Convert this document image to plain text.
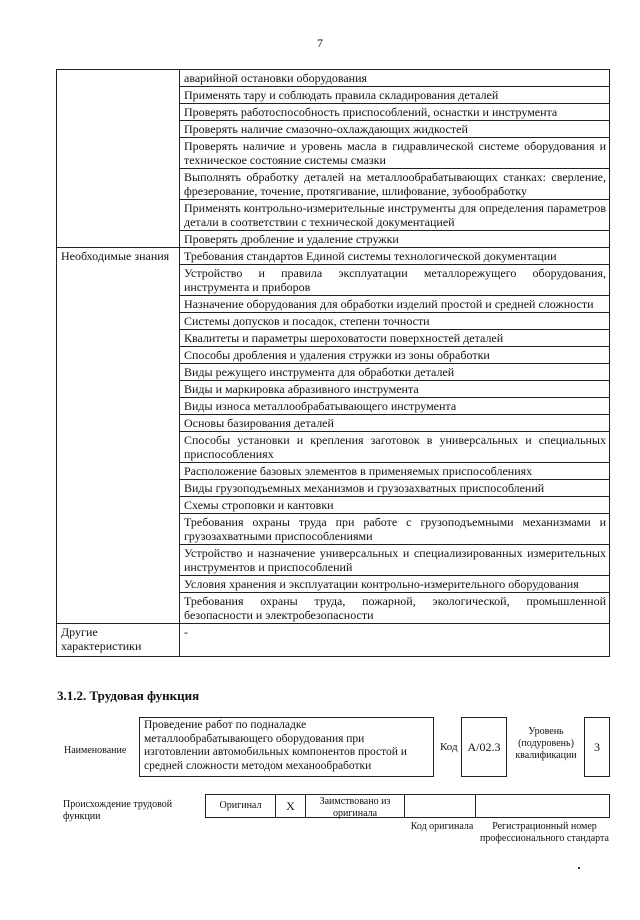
7
	аварийной остановки оборудования
	Применять тару и соблюдать правила складирования деталей
	Проверять работоспособность приспособлений, оснастки и инструмента
	Проверять наличие смазочно-охлаждающих жидкостей
	Проверять наличие и уровень масла в гидравлической системе оборудования и техническое состояние системы смазки
	Выполнять обработку деталей на металлообрабатывающих станках: сверление, фрезерование, точение, протягивание, шлифование, зубообработку
	Применять контрольно-измерительные инструменты для определения параметров детали в соответствии с технической документацией
	Проверять дробление и удаление стружки
Необходимые знания	Требования стандартов Единой системы технологической документации
	Устройство и правила эксплуатации металлорежущего оборудования, инструмента и приборов
	Назначение оборудования для обработки изделий простой и средней сложности
	Системы допусков и посадок, степени точности
	Квалитеты и параметры шероховатости поверхностей деталей
	Способы дробления и удаления стружки из зоны обработки
	Виды режущего инструмента для обработки деталей
	Виды и маркировка абразивного инструмента
	Виды износа металлообрабатывающего инструмента
	Основы базирования деталей
	Способы установки и крепления заготовок в универсальных и специальных приспособлениях
	Расположение базовых элементов в применяемых приспособлениях
	Виды грузоподъемных механизмов и грузозахватных приспособлений
	Схемы строповки и кантовки
	Требования охраны труда при работе с грузоподъемными механизмами и грузозахватными приспособлениями
	Устройство и назначение универсальных и специализированных измерительных инструментов и приспособлений
	Условия хранения и эксплуатации контрольно-измерительного оборудования
	Требования охраны труда, пожарной, экологической, промышленной безопасности и электробезопасности
Другие характеристики	-
3.1.2. Трудовая функция
Наименование
Проведение работ по подналадке металлообрабатывающего оборудования при изготовлении автомобильных компонентов простой и средней сложности методом механообработки
Код A/02.3
Уровень (подуровень) квалификации
3
Происхождение трудовой функции
Оригинал	X	Заимствовано из оригинала
Код оригинала	Регистрационный номер профессионального стандарта
